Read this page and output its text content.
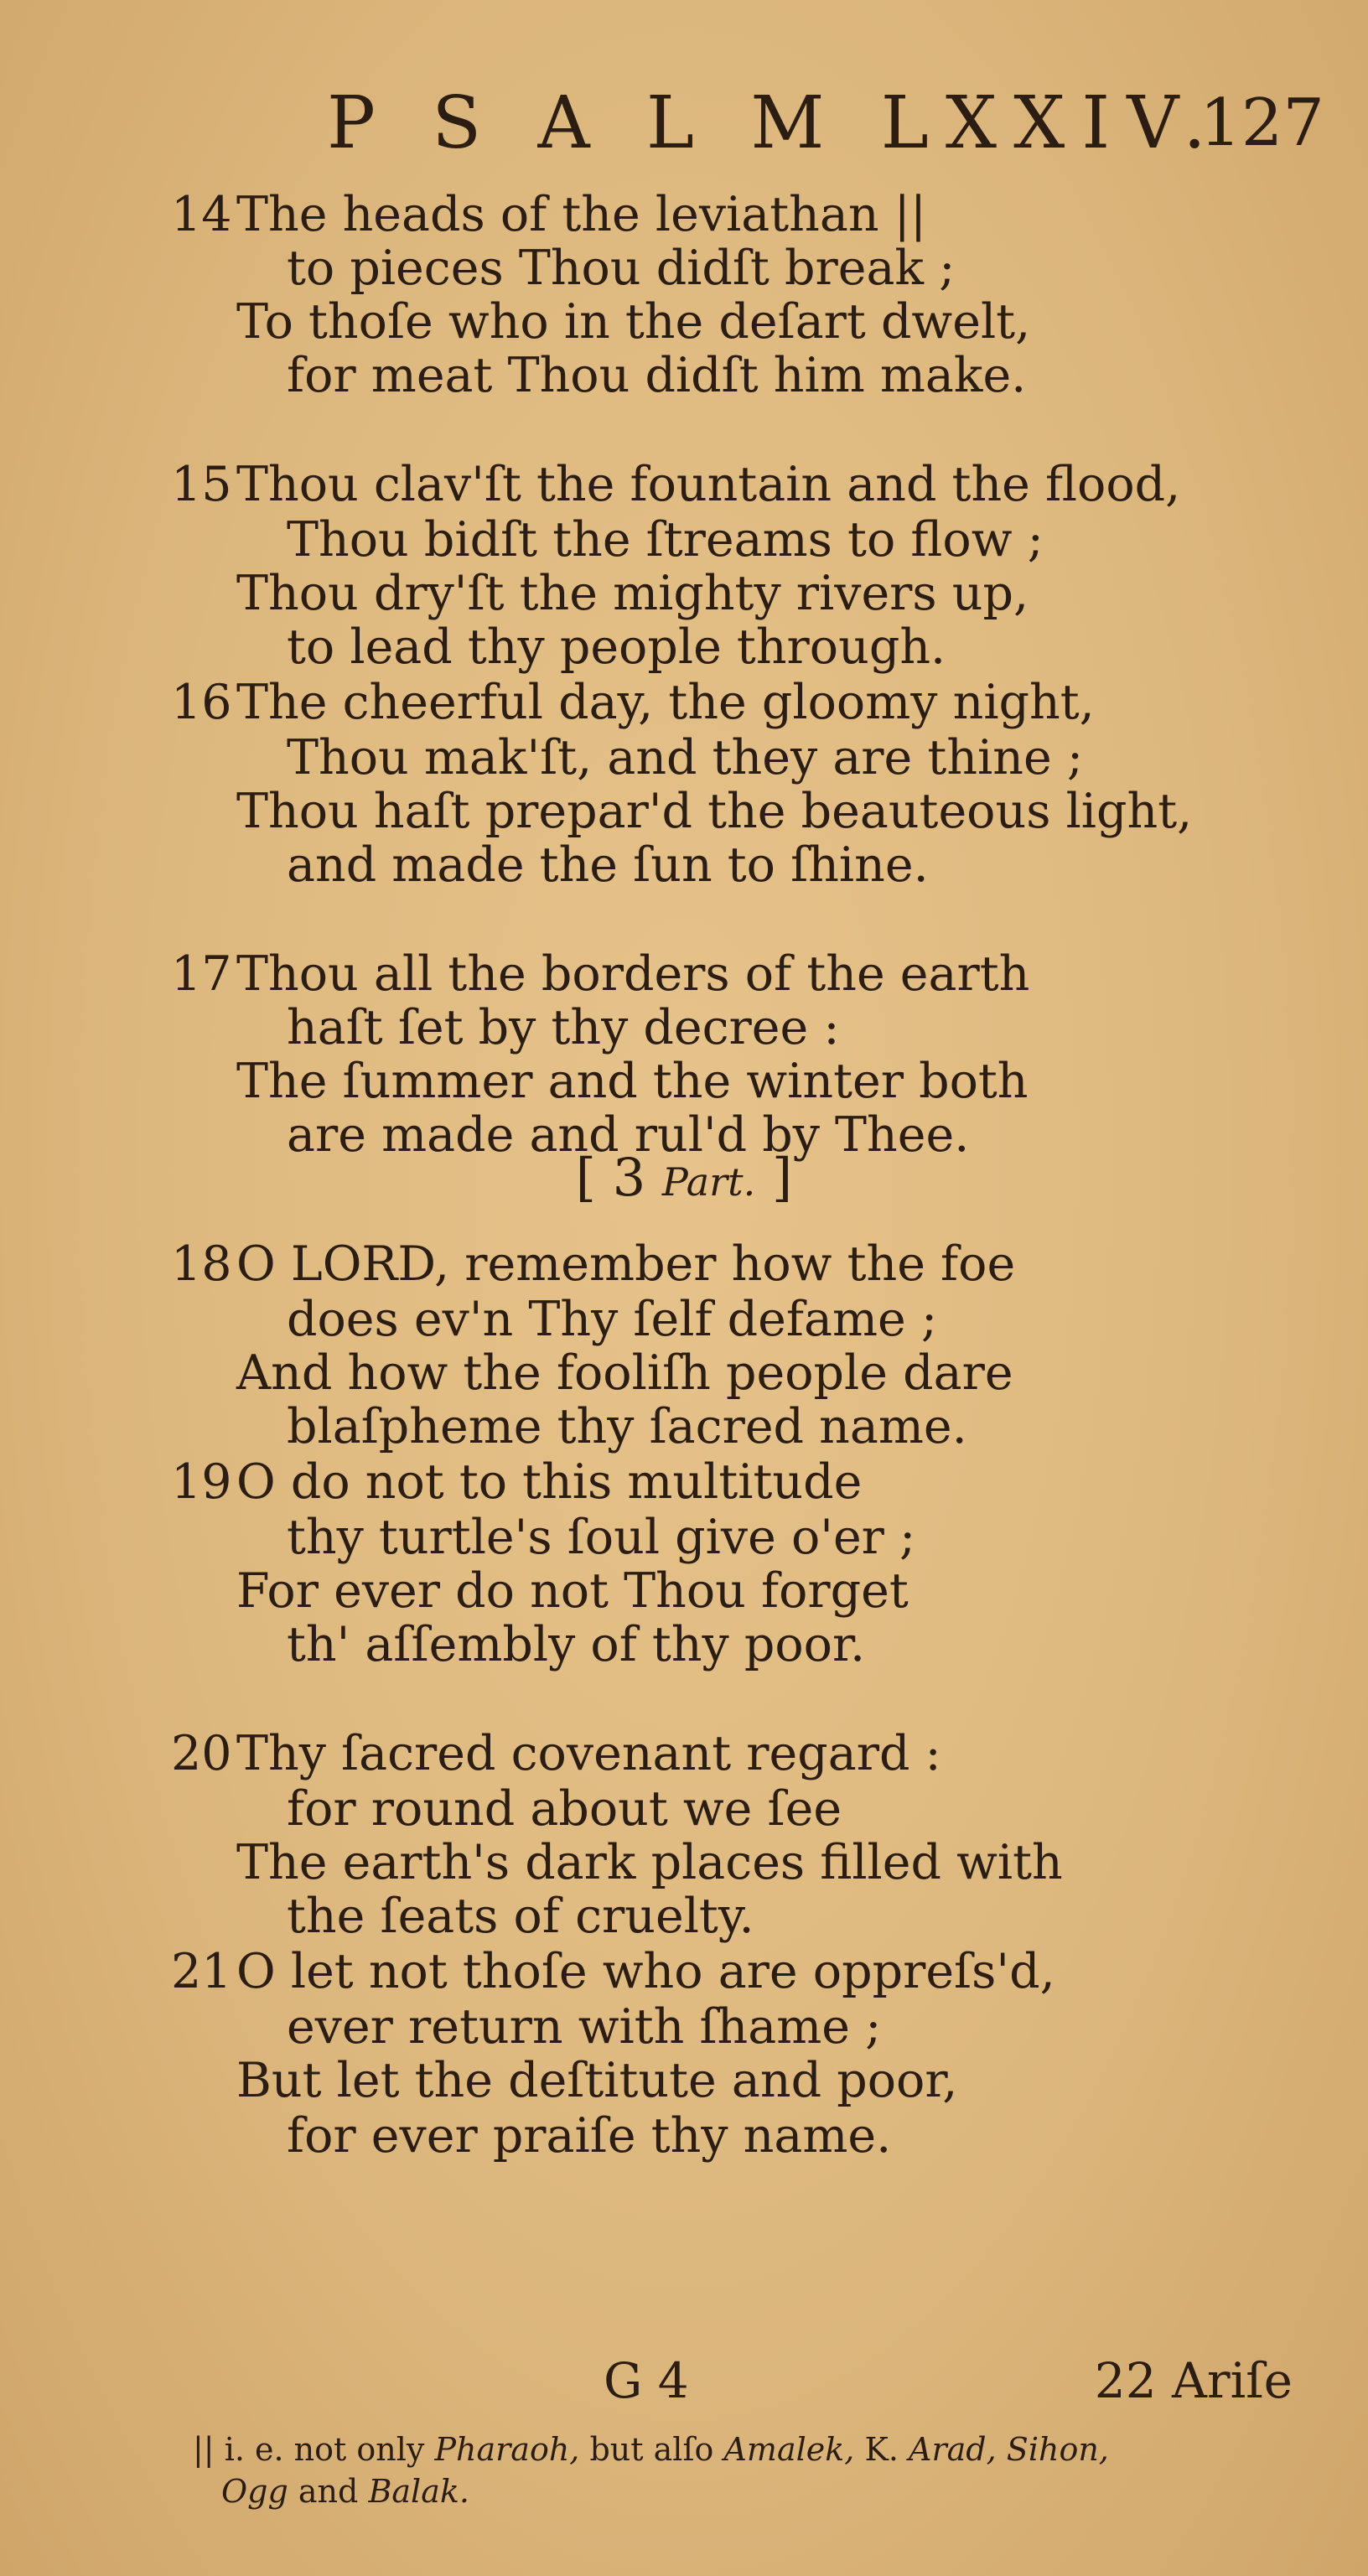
P S A L M LXXIV.
127
14 The heads of the leviathan ||
to pieces Thou didſt break ;
To thoſe who in the deſart dwelt,
for meat Thou didſt him make.
15 Thou clav'ſt the fountain and the flood,
Thou bidſt the ſtreams to flow ;
Thou dry'ſt the mighty rivers up,
to lead thy people through.
16 The cheerful day, the gloomy night,
Thou mak'ſt, and they are thine ;
Thou haſt prepar'd the beauteous light,
and made the ſun to ſhine.
17 Thou all the borders of the earth
haſt ſet by thy decree :
The ſummer and the winter both
are made and rul'd by Thee.
[ 3 Part. ]
18 O LORD, remember how the foe
does ev'n Thy ſelf defame ;
And how the fooliſh people dare
blaſpheme thy ſacred name.
19 O do not to this multitude
thy turtle's ſoul give o'er ;
For ever do not Thou forget
th' aſſembly of thy poor.
20 Thy ſacred covenant regard :
for round about we ſee
The earth's dark places filled with
the ſeats of cruelty.
21 O let not thoſe who are oppreſs'd,
ever return with ſhame ;
But let the deſtitute and poor,
for ever praiſe thy name.
G 4	22 Ariſe
|| i. e. not only Pharaoh, but alſo Amalek, K. Arad, Sihon,
Ogg and Balak.
